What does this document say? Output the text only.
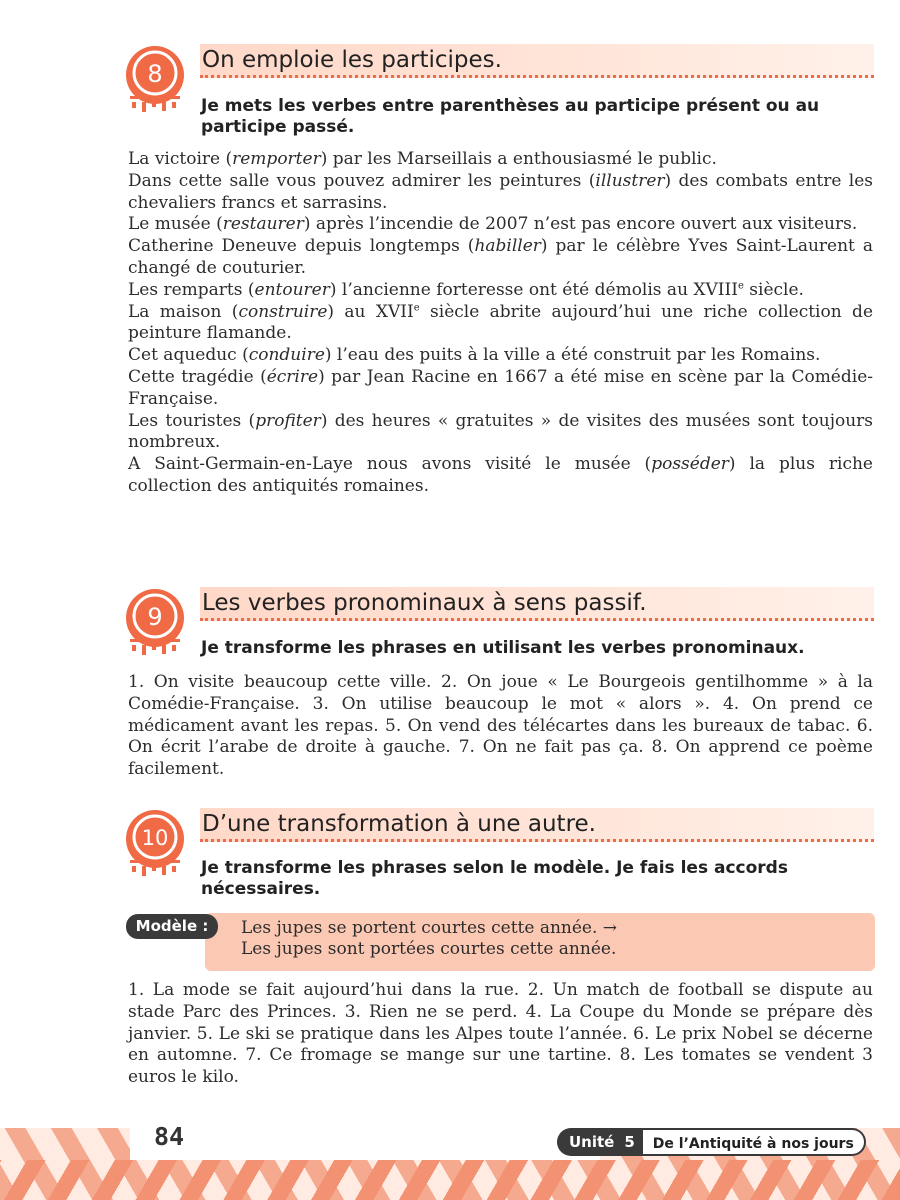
8 On emploie les participes.
Je mets les verbes entre parenthèses au participe présent ou au participe passé.

La victoire (remporter) par les Marseillais a enthousiasmé le public.

Dans cette salle vous pouvez admirer les peintures (illustrer) des combats entre les chevaliers francs et sarrasins.

Le musée (restaurer) après l’incendie de 2007 n’est pas encore ouvert aux visiteurs.

Catherine Deneuve depuis longtemps (habiller) par le célèbre Yves Saint-Laurent a changé de couturier.

Les remparts (entourer) l’ancienne forteresse ont été démolis au XVIIIe siècle.

La maison (construire) au XVIIe siècle abrite aujourd’hui une riche collection de peinture flamande.

Cet aqueduc (conduire) l’eau des puits à la ville a été construit par les Romains.

Cette tragédie (écrire) par Jean Racine en 1667 a été mise en scène par la Comédie-Française.

Les touristes (profiter) des heures « gratuites » de visites des musées sont toujours nombreux.

A Saint-Germain-en-Laye nous avons visité le musée (posséder) la plus riche collection des antiquités romaines.

9 Les verbes pronominaux à sens passif.
Je transforme les phrases en utilisant les verbes pronominaux.

1. On visite beaucoup cette ville. 2. On joue « Le Bourgeois gentilhomme » à la Comédie-Française. 3. On utilise beaucoup le mot « alors ». 4. On prend ce médicament avant les repas. 5. On vend des télécartes dans les bureaux de tabac. 6. On écrit l’arabe de droite à gauche. 7. On ne fait pas ça. 8. On apprend ce poème facilement.

10
D’une transformation à une autre.
Je transforme les phrases selon le modèle. Je fais les accords nécessaires.
Modèle :	Les jupes se portent courtes cette année. →
Les jupes sont portées courtes cette année.

1. La mode se fait aujourd’hui dans la rue. 2. Un match de football se dispute au stade Parc des Princes. 3. Rien ne se perd. 4. La Coupe du Monde se prépare dès janvier. 5. Le ski se pratique dans les Alpes toute l’année. 6. Le prix Nobel se décerne en automne. 7. Ce fromage se mange sur une tartine. 8. Les tomates se vendent 3 euros le kilo.

84	Unité 5	De l’Antiquité à nos jours
